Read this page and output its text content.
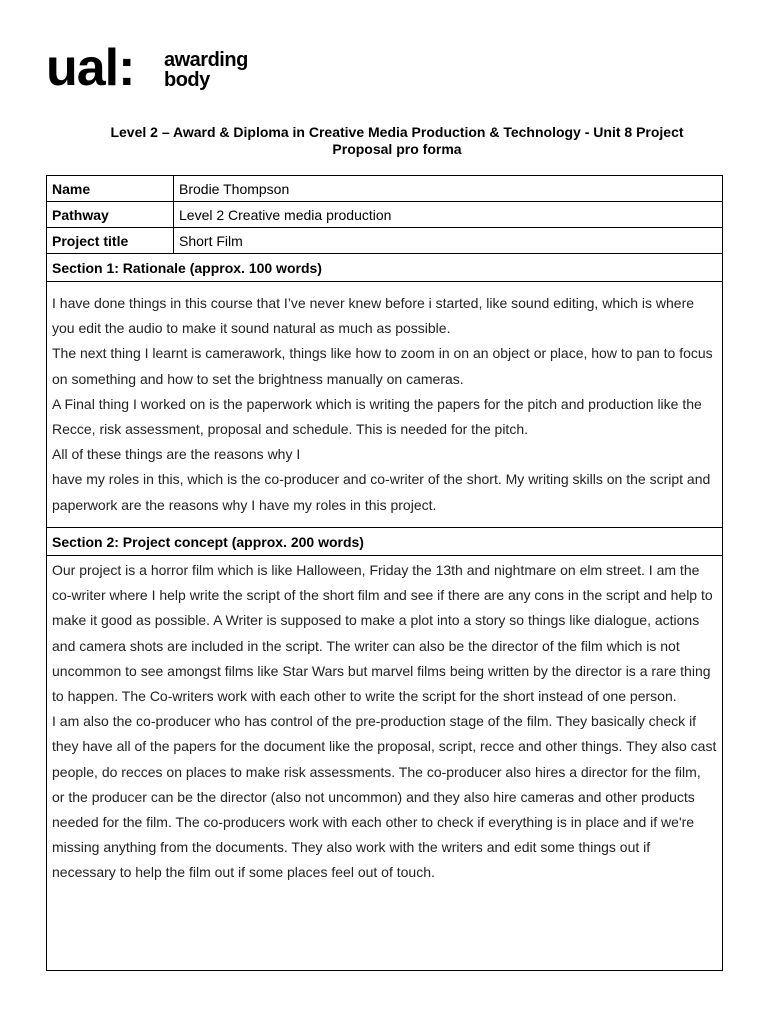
ual: awarding
body
Level 2 – Award & Diploma in Creative Media Production & Technology - Unit 8 Project
Proposal pro forma
Name	Brodie Thompson
Pathway	Level 2 Creative media production
Project title	Short Film
Section 1: Rationale (approx. 100 words)	

I have done things in this course that I’ve never knew before i started, like sound editing, which is where you edit the audio to make it sound natural as much as possible.

The next thing I learnt is camerawork, things like how to zoom in on an object or place, how to pan to focus on something and how to set the brightness manually on cameras.

A Final thing I worked on is the paperwork which is writing the papers for the pitch and production like the Recce, risk assessment, proposal and schedule. This is needed for the pitch.

All of these things are the reasons why I

have my roles in this, which is the co-producer and co-writer of the short. My writing skills on the script and paperwork are the reasons why I have my roles in this project.	

Section 2: Project concept (approx. 200 words)	

Our project is a horror film which is like Halloween, Friday the 13th and nightmare on elm street. I am the co-writer where I help write the script of the short film and see if there are any cons in the script and help to make it good as possible. A Writer is supposed to make a plot into a story so things like dialogue, actions and camera shots are included in the script. The writer can also be the director of the film which is not uncommon to see amongst films like Star Wars but marvel films being written by the director is a rare thing to happen. The Co-writers work with each other to write the script for the short instead of one person.

I am also the co-producer who has control of the pre-production stage of the film. They basically check if they have all of the papers for the document like the proposal, script, recce and other things. They also cast people, do recces on places to make risk assessments. The co-producer also hires a director for the film, or the producer can be the director (also not uncommon) and they also hire cameras and other products needed for the film. The co-producers work with each other to check if everything is in place and if we're missing anything from the documents. They also work with the writers and edit some things out if necessary to help the film out if some places feel out of touch.	
